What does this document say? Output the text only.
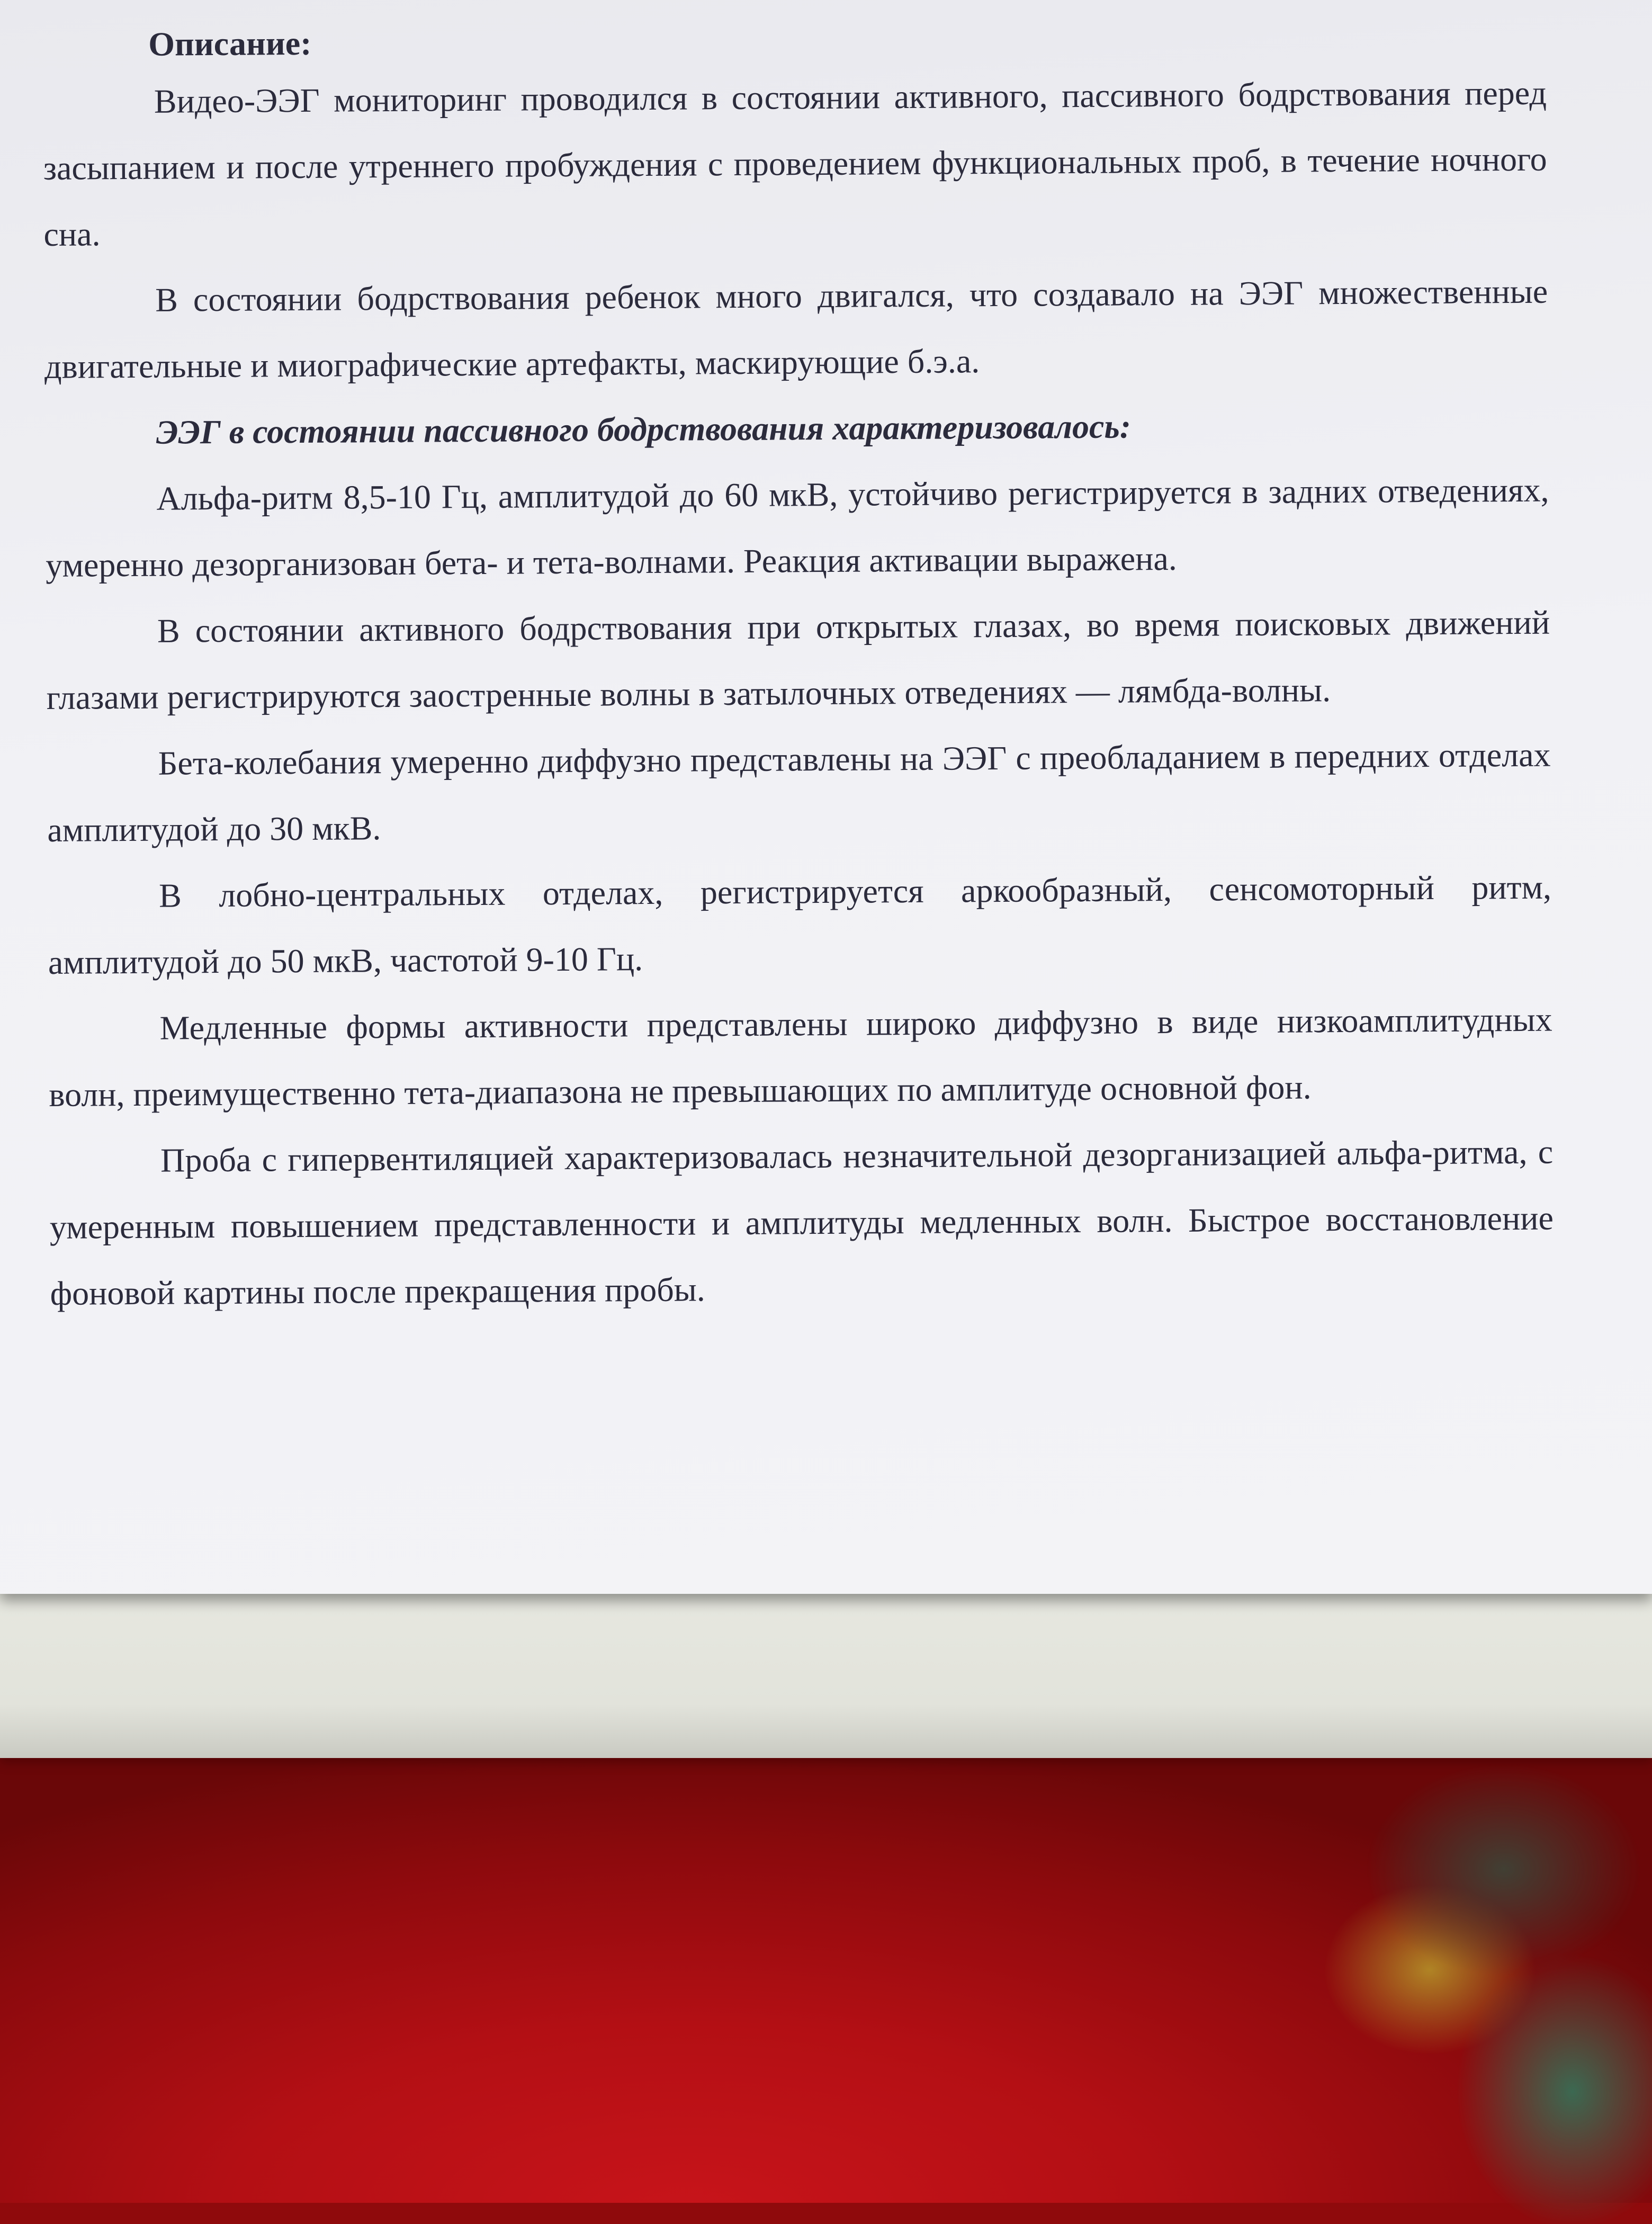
Описание:

Видео-ЭЭГ мониторинг проводился в состоянии активного, пассивного бодрствования перед засыпанием и после утреннего пробуждения с проведением функциональных проб, в течение ночного сна.

В состоянии бодрствования ребенок много двигался, что создавало на ЭЭГ множественные двигательные и миографические артефакты, маскирующие б.э.а.

ЭЭГ в состоянии пассивного бодрствования характеризовалось:

Альфа-ритм 8,5-10 Гц, амплитудой до 60 мкВ, устойчиво регистрируется в задних отведениях, умеренно дезорганизован бета- и тета-волнами. Реакция активации выражена.

В состоянии активного бодрствования при открытых глазах, во время поисковых движений глазами регистрируются заостренные волны в затылочных отведениях — лямбда-волны.

Бета-колебания умеренно диффузно представлены на ЭЭГ с преобладанием в передних отделах амплитудой до 30 мкВ.

В лобно-центральных отделах, регистрируется аркообразный, сенсомоторный ритм, амплитудой до 50 мкВ, частотой 9-10 Гц.

Медленные формы активности представлены широко диффузно в виде низкоамплитудных волн, преимущественно тета-диапазона не превышающих по амплитуде основной фон.

Проба с гипервентиляцией характеризовалась незначительной дезорганизацией альфа-ритма, с умеренным повышением представленности и амплитуды медленных волн. Быстрое восстановление фоновой картины после прекращения пробы.
